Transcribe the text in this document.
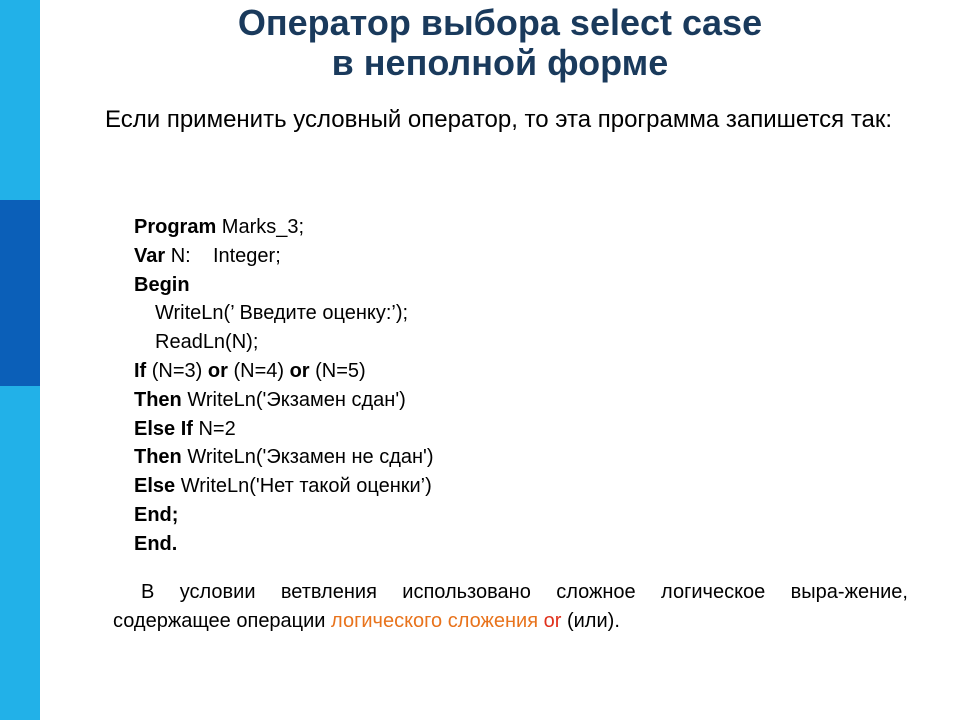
Оператор выбора select case
в неполной форме
Если применить условный оператор, то эта программа запишется так:
Program Marks_3;
Var N:    Integer;
Begin
WriteLn(’ Введите оценку:’);
ReadLn(N);
If (N=3) or (N=4) or (N=5)
Then WriteLn('Экзамен сдан')
Else If N=2
Then WriteLn('Экзамен не сдан')
Else WriteLn('Нет такой оценки’)
End;
End.
В условии ветвления использовано сложное логическое выра-жение, содержащее операции логического сложения or (или).
